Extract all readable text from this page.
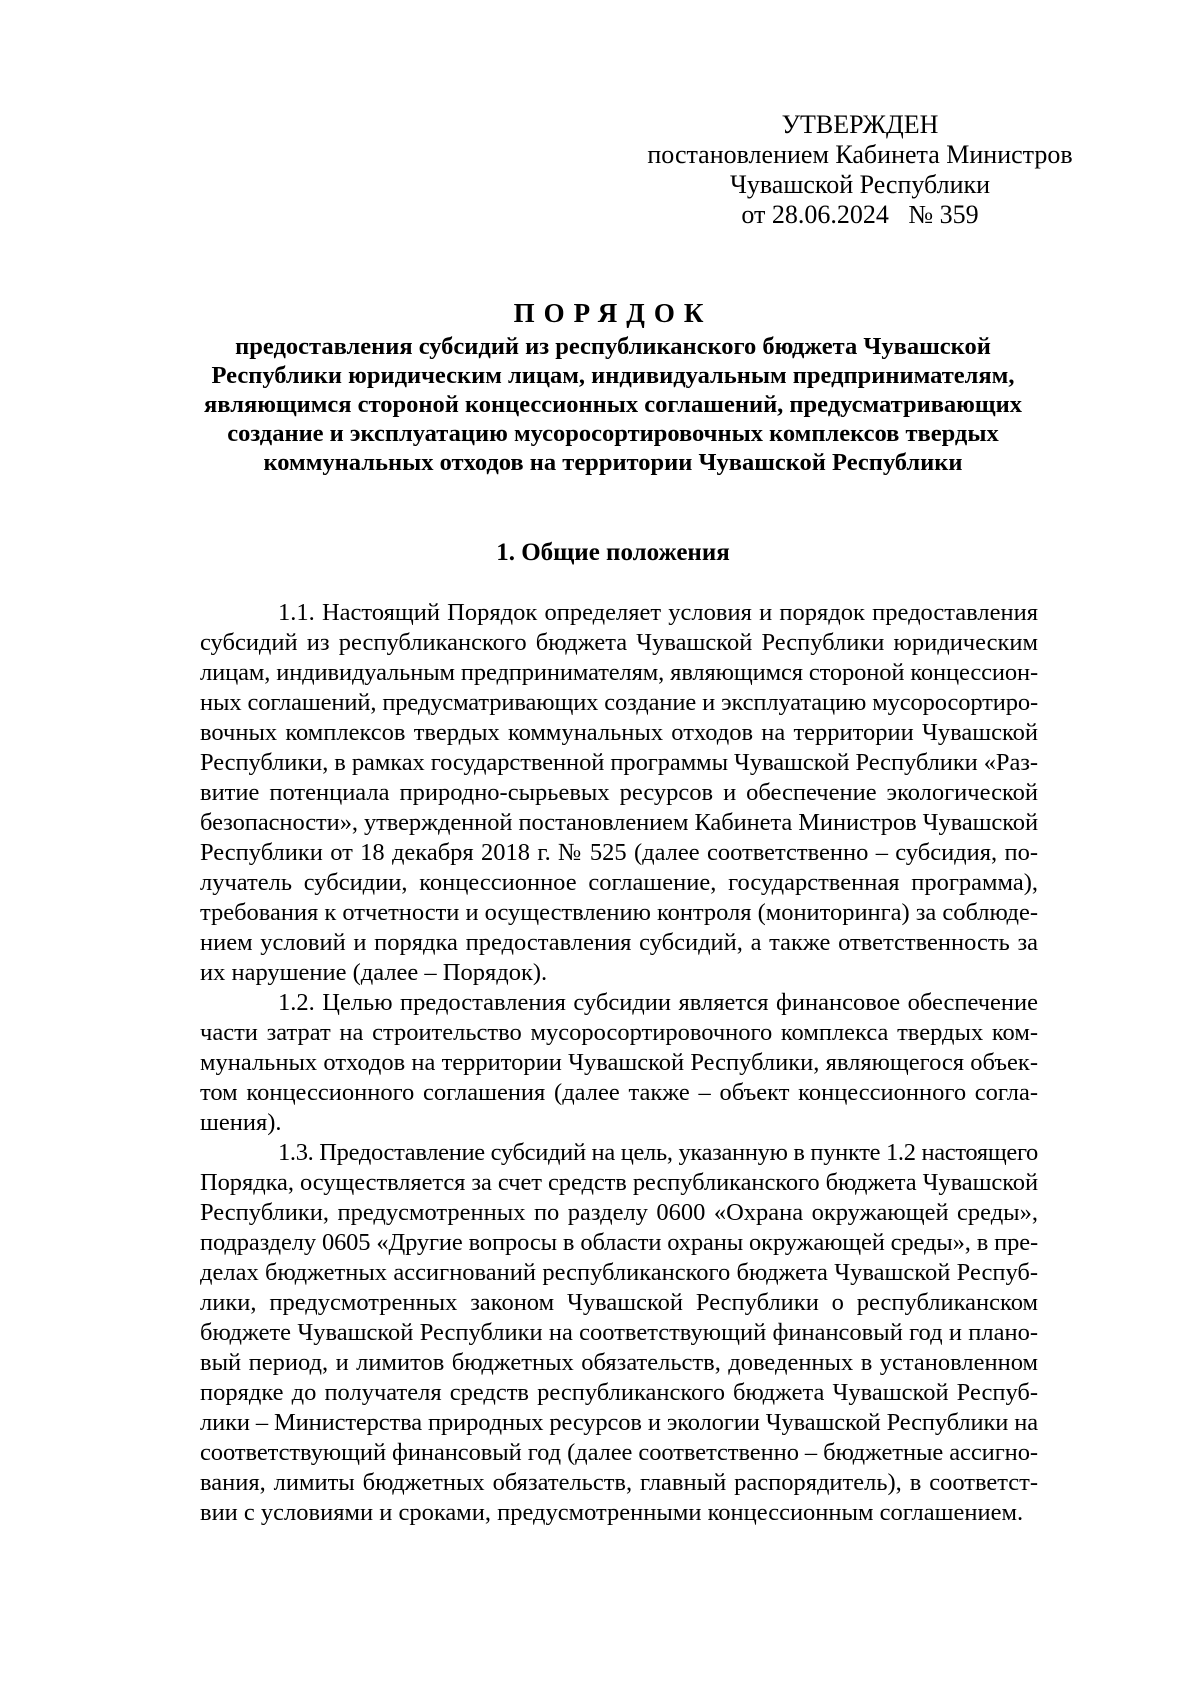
УТВЕРЖДЕН
постановлением Кабинета Министров
Чувашской Республики
от 28.06.2024   № 359
ПОРЯДОК
предоставления субсидий из республиканского бюджета Чувашской
Республики юридическим лицам, индивидуальным предпринимателям,
являющимся стороной концессионных соглашений, предусматривающих
создание и эксплуатацию мусоросортировочных комплексов твердых
коммунальных отходов на территории Чувашской Республики
1. Общие положения
1.1. Настоящий Порядок определяет условия и порядок предоставления
субсидий из республиканского бюджета Чувашской Республики юридическим
лицам, индивидуальным предпринимателям, являющимся стороной концессион-
ных соглашений, предусматривающих создание и эксплуатацию мусоросортиро-
вочных комплексов твердых коммунальных отходов на территории Чувашской
Республики, в рамках государственной программы Чувашской Республики «Раз-
витие потенциала природно-сырьевых ресурсов и обеспечение экологической
безопасности», утвержденной постановлением Кабинета Министров Чувашской
Республики от 18 декабря 2018 г. № 525 (далее соответственно – субсидия, по-
лучатель субсидии, концессионное соглашение, государственная программа),
требования к отчетности и осуществлению контроля (мониторинга) за соблюде-
нием условий и порядка предоставления субсидий, а также ответственность за
их нарушение (далее – Порядок).
1.2. Целью предоставления субсидии является финансовое обеспечение
части затрат на строительство мусоросортировочного комплекса твердых ком-
мунальных отходов на территории Чувашской Республики, являющегося объек-
том концессионного соглашения (далее также – объект концессионного согла-
шения).
1.3. Предоставление субсидий на цель, указанную в пункте 1.2 настоящего
Порядка, осуществляется за счет средств республиканского бюджета Чувашской
Республики, предусмотренных по разделу 0600 «Охрана окружающей среды»,
подразделу 0605 «Другие вопросы в области охраны окружающей среды», в пре-
делах бюджетных ассигнований республиканского бюджета Чувашской Респуб-
лики, предусмотренных законом Чувашской Республики о республиканском
бюджете Чувашской Республики на соответствующий финансовый год и плано-
вый период, и лимитов бюджетных обязательств, доведенных в установленном
порядке до получателя средств республиканского бюджета Чувашской Респуб-
лики – Министерства природных ресурсов и экологии Чувашской Республики на
соответствующий финансовый год (далее соответственно – бюджетные ассигно-
вания, лимиты бюджетных обязательств, главный распорядитель), в соответст-
вии с условиями и сроками, предусмотренными концессионным соглашением.
